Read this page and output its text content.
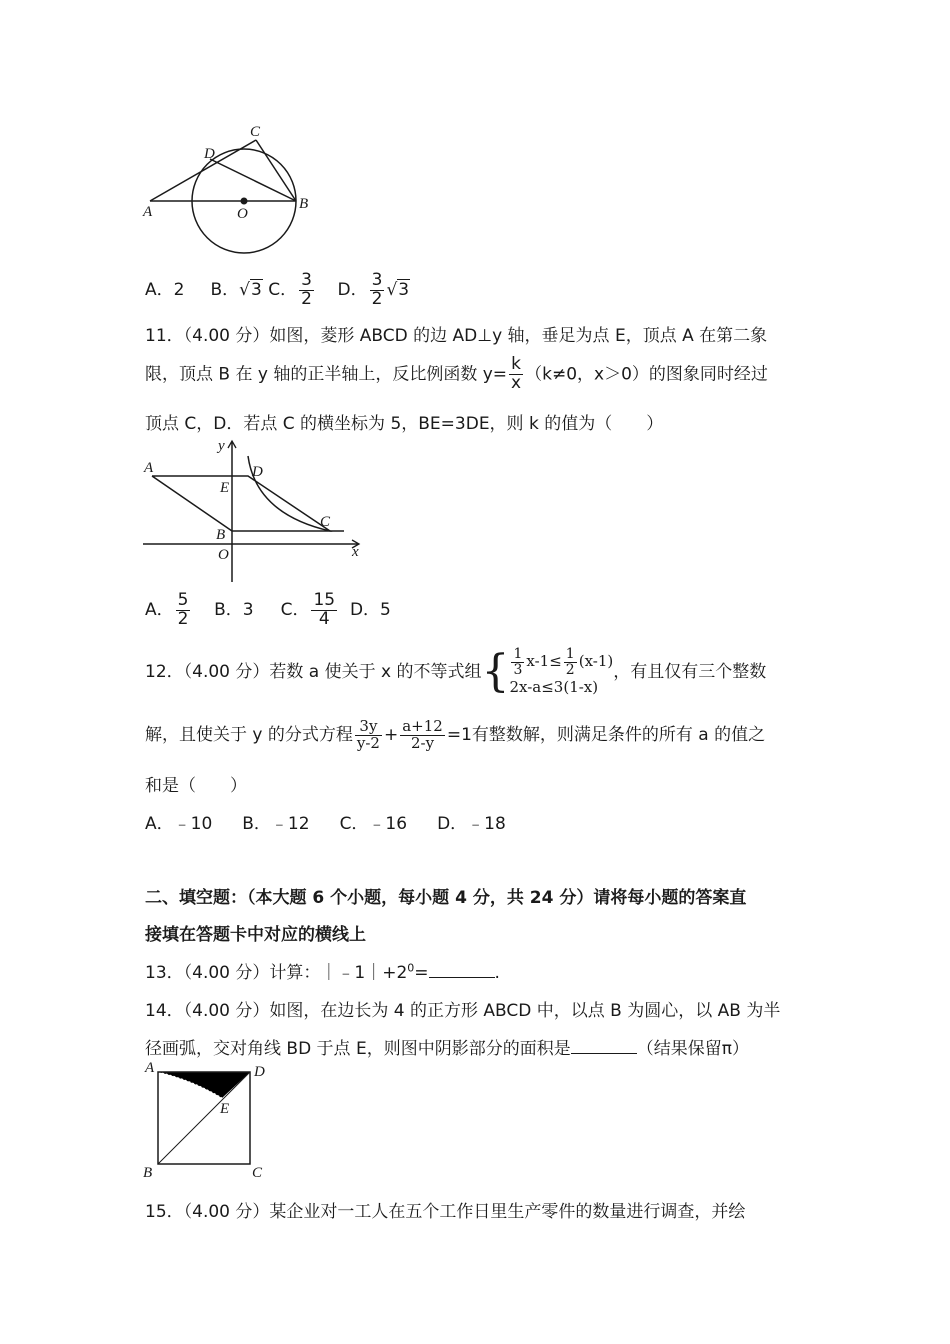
C
D
A	O
B
A．2 B．√3 C． $\frac{3}{2}$ D． $\frac{3}{2} √3$
11．（4.00 分）如图，菱形 ABCD 的边 AD⊥y 轴，垂足为点 E，顶点 A 在第二象
限，顶点 B 在 y 轴的正半轴上，反比例函数 $y= \frac{k}{x} (k\ne 0$，x＞0）的图象同时经过
顶点 C，D．若点 C 的横坐标为 5，BE=3DE，则 k 的值为（　　）
y
A	D
E
C
B
O	x
A． $\frac{5}{2}$ B．3 C． $\frac{15}{4}$ D．5
12．（4.00 分）若数 a 使关于 x 的不等式组{ $\frac{1}{3} x-1\le \frac{1}{2} (x-1)$
2x-a≤3(1-x)
，有且仅有三个整数
解，且使关于 y 的分式方程 $\frac{3y}{y-2} + \frac{a+12}{2-y} =1$有整数解，则满足条件的所有 a 的值之
和是（　　）
A．﹣10 B．﹣12 C．﹣16 D．﹣18
二、填空题：（本大题 6 个小题，每小题 4 分，共 24 分）请将每小题的答案直
接填在答题卡中对应的横线上
13．（4.00 分）计算：$|﹣1|+2^0=$	.
14．（4.00 分）如图，在边长为 4 的正方形 ABCD 中，以点 B 为圆心，以 AB 为半
径画弧，交对角线 BD 于点 E，则图中阴影部分的面积是	（结果保留π）
A	D
E
B	C
15．（4.00 分）某企业对一工人在五个工作日里生产零件的数量进行调查，并绘
